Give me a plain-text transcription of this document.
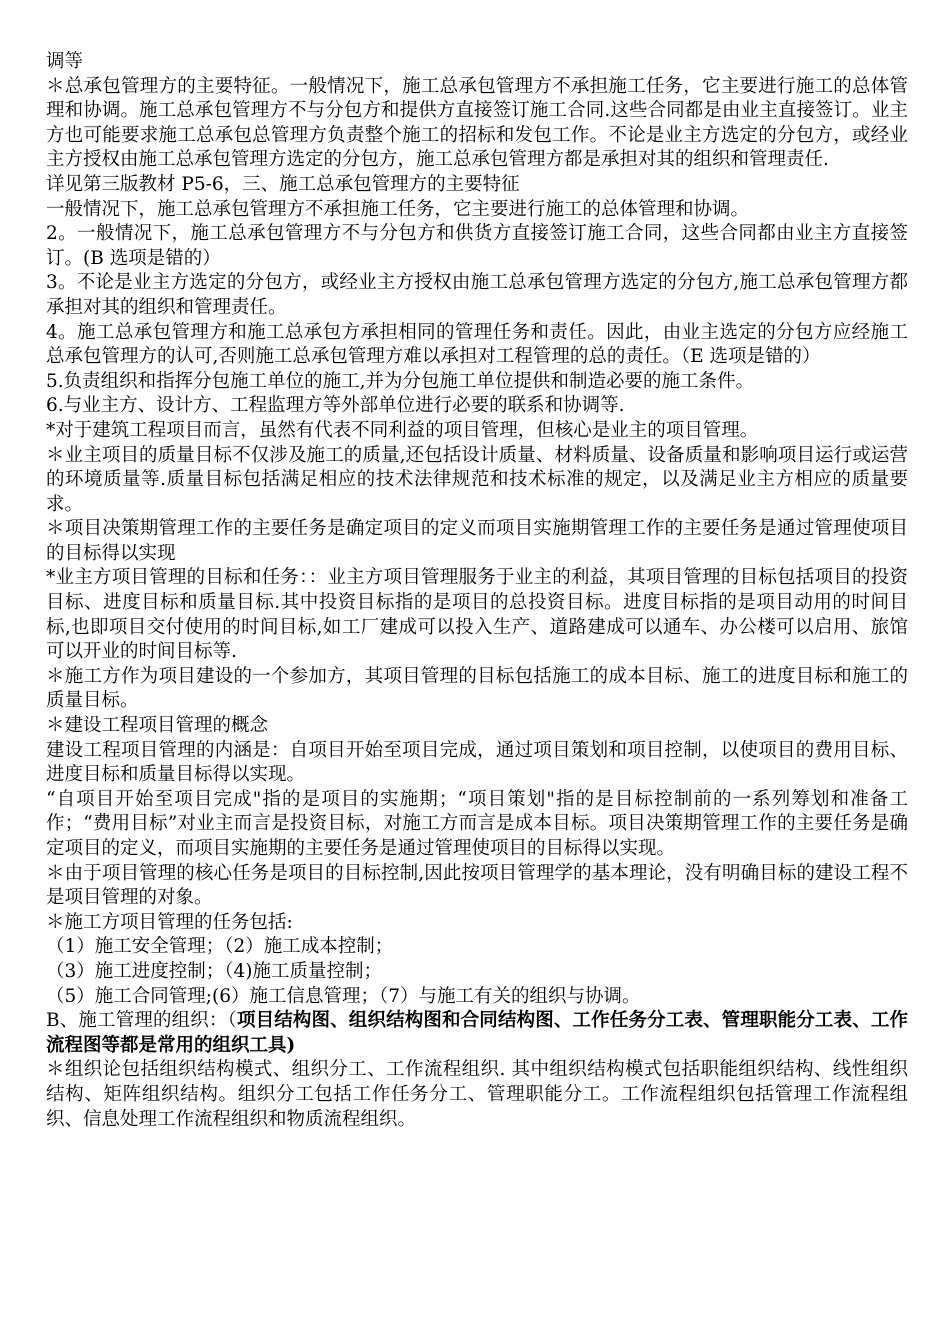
调等

＊总承包管理方的主要特征。一般情况下，施工总承包管理方不承担施工任务，它主要进行施工的总体管理和协调。施工总承包管理方不与分包方和提供方直接签订施工合同.这些合同都是由业主直接签订。业主方也可能要求施工总承包总管理方负责整个施工的招标和发包工作。不论是业主方选定的分包方，或经业主方授权由施工总承包管理方选定的分包方，施工总承包管理方都是承担对其的组织和管理责任.

详见第三版教材 P5-6，三、施工总承包管理方的主要特征

一般情况下，施工总承包管理方不承担施工任务，它主要进行施工的总体管理和协调。

2。一般情况下，施工总承包管理方不与分包方和供货方直接签订施工合同，这些合同都由业主方直接签订。(B 选项是错的）

3。不论是业主方选定的分包方，或经业主方授权由施工总承包管理方选定的分包方,施工总承包管理方都承担对其的组织和管理责任。

4。施工总承包管理方和施工总承包方承担相同的管理任务和责任。因此，由业主选定的分包方应经施工总承包管理方的认可,否则施工总承包管理方难以承担对工程管理的总的责任。（E 选项是错的）

5.负责组织和指挥分包施工单位的施工,并为分包施工单位提供和制造必要的施工条件。

6.与业主方、设计方、工程监理方等外部单位进行必要的联系和协调等.

*对于建筑工程项目而言，虽然有代表不同利益的项目管理，但核心是业主的项目管理。

＊业主项目的质量目标不仅涉及施工的质量,还包括设计质量、材料质量、设备质量和影响项目运行或运营的环境质量等.质量目标包括满足相应的技术法律规范和技术标准的规定，以及满足业主方相应的质量要求。

＊项目决策期管理工作的主要任务是确定项目的定义而项目实施期管理工作的主要任务是通过管理使项目的目标得以实现

*业主方项目管理的目标和任务：：业主方项目管理服务于业主的利益，其项目管理的目标包括项目的投资目标、进度目标和质量目标.其中投资目标指的是项目的总投资目标。进度目标指的是项目动用的时间目标,也即项目交付使用的时间目标,如工厂建成可以投入生产、道路建成可以通车、办公楼可以启用、旅馆可以开业的时间目标等.

＊施工方作为项目建设的一个参加方，其项目管理的目标包括施工的成本目标、施工的进度目标和施工的质量目标。

＊建设工程项目管理的概念

建设工程项目管理的内涵是：自项目开始至项目完成，通过项目策划和项目控制，以使项目的费用目标、进度目标和质量目标得以实现。

“自项目开始至项目完成"指的是项目的实施期；“项目策划"指的是目标控制前的一系列筹划和准备工作；“费用目标”对业主而言是投资目标，对施工方而言是成本目标。项目决策期管理工作的主要任务是确定项目的定义，而项目实施期的主要任务是通过管理使项目的目标得以实现。

＊由于项目管理的核心任务是项目的目标控制,因此按项目管理学的基本理论，没有明确目标的建设工程不是项目管理的对象。

＊施工方项目管理的任务包括:

（1）施工安全管理；（2）施工成本控制；

（3）施工进度控制；（4)施工质量控制；

（5）施工合同管理;(6）施工信息管理；（7）与施工有关的组织与协调。

B、施工管理的组织：（项目结构图、组织结构图和合同结构图、工作任务分工表、管理职能分工表、工作流程图等都是常用的组织工具)

＊组织论包括组织结构模式、组织分工、工作流程组织. 其中组织结构模式包括职能组织结构、线性组织结构、矩阵组织结构。组织分工包括工作任务分工、管理职能分工。工作流程组织包括管理工作流程组织、信息处理工作流程组织和物质流程组织。
